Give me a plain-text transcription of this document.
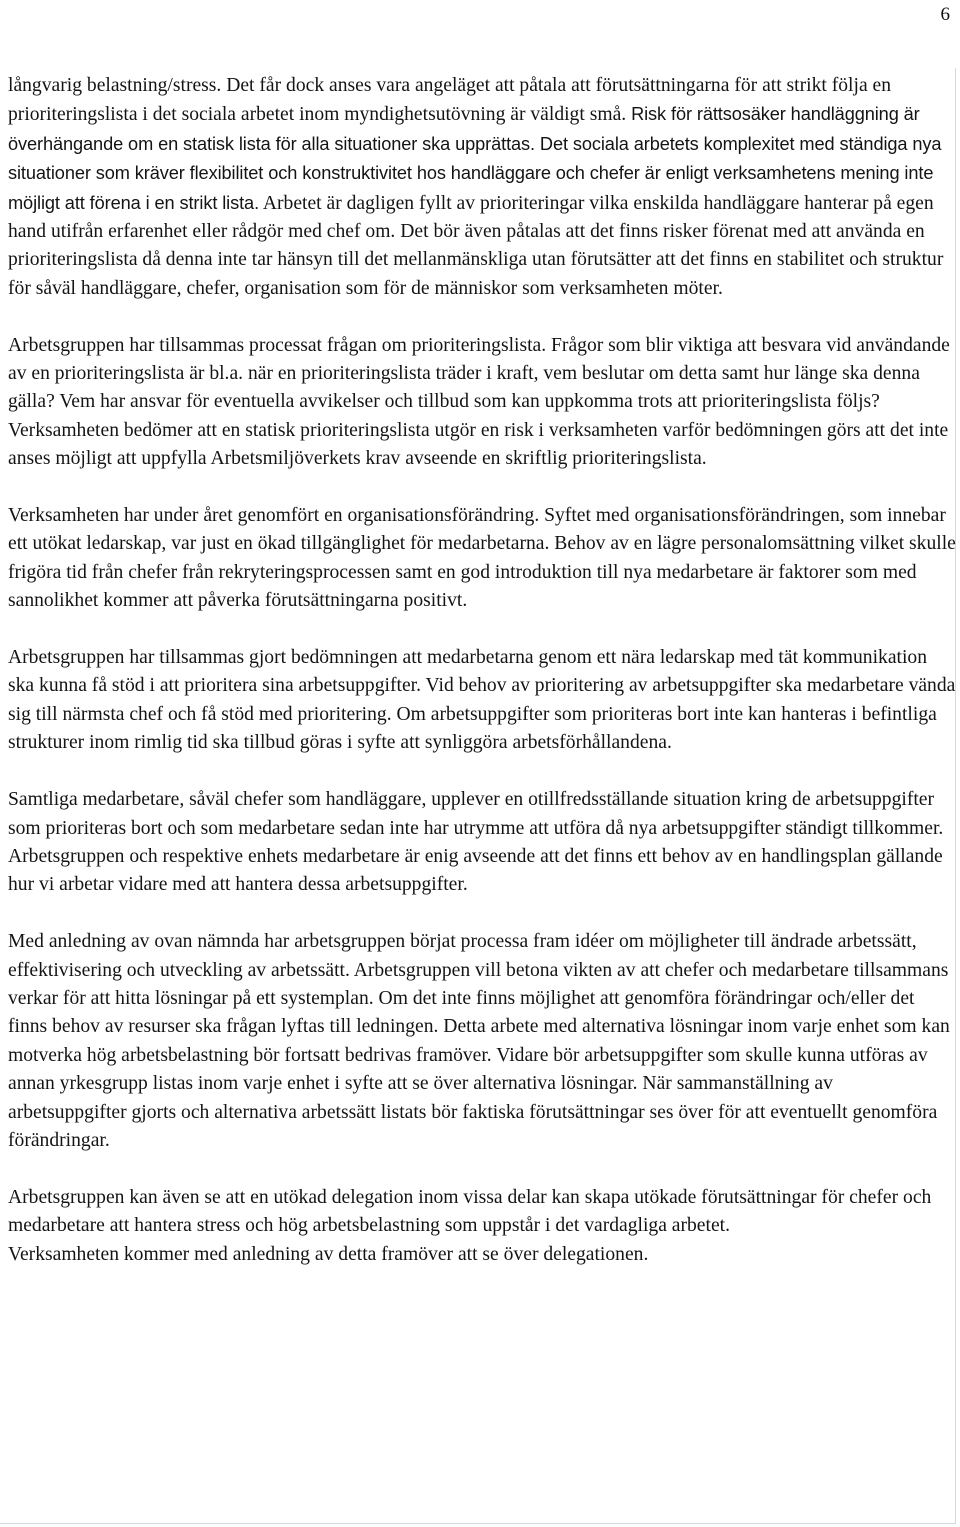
6

långvarig belastning/stress. Det får dock anses vara angeläget att påtala att förutsättningarna för att strikt följa en prioriteringslista i det sociala arbetet inom myndighetsutövning är väldigt små. Risk för rättsosäker handläggning är överhängande om en statisk lista för alla situationer ska upprättas. Det sociala arbetets komplexitet med ständiga nya situationer som kräver flexibilitet och konstruktivitet hos handläggare och chefer är enligt verksamhetens mening inte möjligt att förena i en strikt lista. Arbetet är dagligen fyllt av prioriteringar vilka enskilda handläggare hanterar på egen hand utifrån erfarenhet eller rådgör med chef om. Det bör även påtalas att det finns risker förenat med att använda en prioriteringslista då denna inte tar hänsyn till det mellanmänskliga utan förutsätter att det finns en stabilitet och struktur för såväl handläggare, chefer, organisation som för de människor som verksamheten möter.

Arbetsgruppen har tillsammas processat frågan om prioriteringslista. Frågor som blir viktiga att besvara vid användande av en prioriteringslista är bl.a. när en prioriteringslista träder i kraft, vem beslutar om detta samt hur länge ska denna gälla? Vem har ansvar för eventuella avvikelser och tillbud som kan uppkomma trots att prioriteringslista följs? Verksamheten bedömer att en statisk prioriteringslista utgör en risk i verksamheten varför bedömningen görs att det inte anses möjligt att uppfylla Arbetsmiljöverkets krav avseende en skriftlig prioriteringslista.

Verksamheten har under året genomfört en organisationsförändring. Syftet med organisationsförändringen, som innebar ett utökat ledarskap, var just en ökad tillgänglighet för medarbetarna. Behov av en lägre personalomsättning vilket skulle frigöra tid från chefer från rekryteringsprocessen samt en god introduktion till nya medarbetare är faktorer som med sannolikhet kommer att påverka förutsättningarna positivt.

Arbetsgruppen har tillsammas gjort bedömningen att medarbetarna genom ett nära ledarskap med tät kommunikation ska kunna få stöd i att prioritera sina arbetsuppgifter. Vid behov av prioritering av arbetsuppgifter ska medarbetare vända sig till närmsta chef och få stöd med prioritering. Om arbetsuppgifter som prioriteras bort inte kan hanteras i befintliga strukturer inom rimlig tid ska tillbud göras i syfte att synliggöra arbetsförhållandena.

Samtliga medarbetare, såväl chefer som handläggare, upplever en otillfredsställande situation kring de arbetsuppgifter som prioriteras bort och som medarbetare sedan inte har utrymme att utföra då nya arbetsuppgifter ständigt tillkommer. Arbetsgruppen och respektive enhets medarbetare är enig avseende att det finns ett behov av en handlingsplan gällande hur vi arbetar vidare med att hantera dessa arbetsuppgifter.

Med anledning av ovan nämnda har arbetsgruppen börjat processa fram idéer om möjligheter till ändrade arbetssätt, effektivisering och utveckling av arbetssätt. Arbetsgruppen vill betona vikten av att chefer och medarbetare tillsammans verkar för att hitta lösningar på ett systemplan. Om det inte finns möjlighet att genomföra förändringar och/eller det finns behov av resurser ska frågan lyftas till ledningen. Detta arbete med alternativa lösningar inom varje enhet som kan motverka hög arbetsbelastning bör fortsatt bedrivas framöver. Vidare bör arbetsuppgifter som skulle kunna utföras av annan yrkesgrupp listas inom varje enhet i syfte att se över alternativa lösningar. När sammanställning av arbetsuppgifter gjorts och alternativa arbetssätt listats bör faktiska förutsättningar ses över för att eventuellt genomföra förändringar.

Arbetsgruppen kan även se att en utökad delegation inom vissa delar kan skapa utökade förutsättningar för chefer och medarbetare att hantera stress och hög arbetsbelastning som uppstår i det vardagliga arbetet.

Verksamheten kommer med anledning av detta framöver att se över delegationen.
